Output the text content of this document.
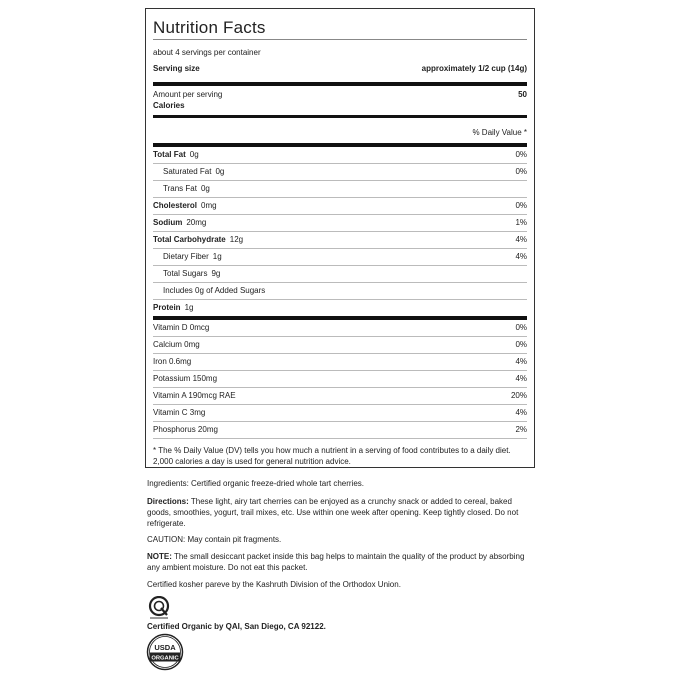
Nutrition Facts
about 4 servings per container
Serving size	approximately 1/2 cup (14g)
Amount per serving	50
Calories
% Daily Value *
Total Fat 0g	0%
Saturated Fat 0g	0%
Trans Fat 0g
Cholesterol 0mg	0%
Sodium 20mg	1%
Total Carbohydrate 12g	4%
Dietary Fiber 1g	4%
Total Sugars 9g
Includes 0g of Added Sugars
Protein 1g
Vitamin D 0mcg	0%
Calcium 0mg	0%
Iron 0.6mg	4%
Potassium 150mg	4%
Vitamin A 190mcg RAE	20%
Vitamin C 3mg	4%
Phosphorus 20mg	2%
* The % Daily Value (DV) tells you how much a nutrient in a serving of food contributes to a daily diet. 2,000 calories a day is used for general nutrition advice.
Ingredients: Certified organic freeze-dried whole tart cherries.
Directions: These light, airy tart cherries can be enjoyed as a crunchy snack or added to cereal, baked goods, smoothies, yogurt, trail mixes, etc. Use within one week after opening. Keep tightly closed. Do not refrigerate.
CAUTION: May contain pit fragments.
NOTE: The small desiccant packet inside this bag helps to maintain the quality of the product by absorbing any ambient moisture. Do not eat this packet.
Certified kosher pareve by the Kashruth Division of the Orthodox Union.
Certified Organic by QAI, San Diego, CA 92122.
USDA
ORGANIC
